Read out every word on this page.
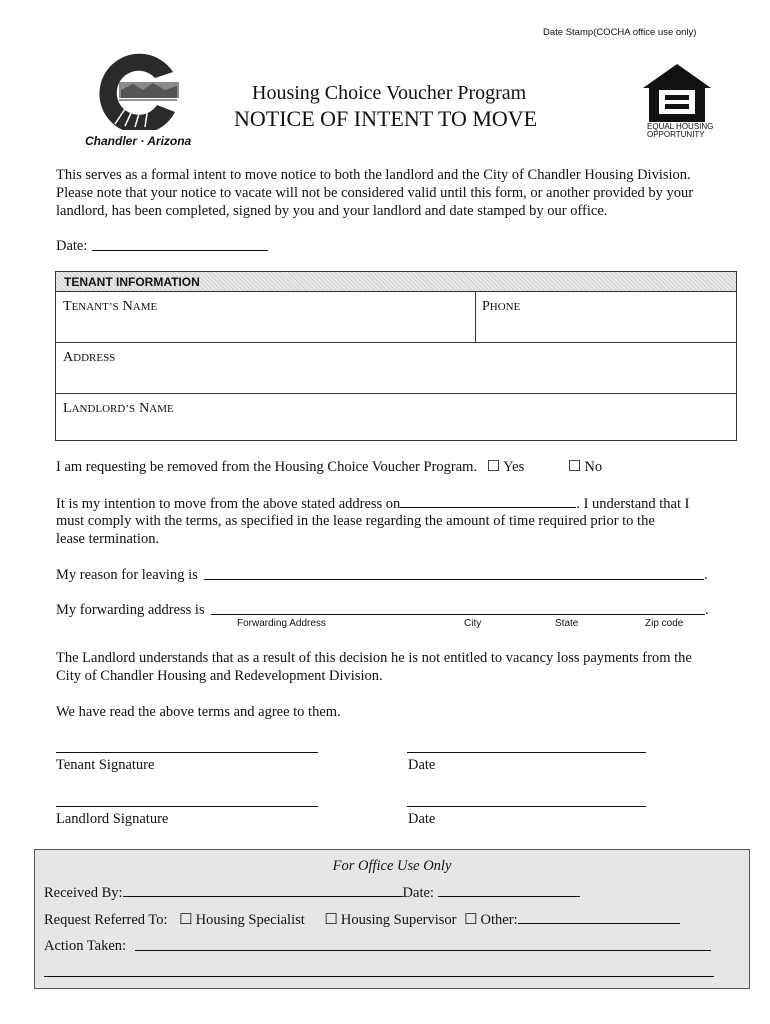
Date Stamp(COCHA office use only)
Chandler · Arizona
Housing Choice Voucher Program
NOTICE OF INTENT TO MOVE	EQUAL HOUSING
OPPORTUNITY
This serves as a formal intent to move notice to both the landlord and the City of Chandler Housing Division.
Please note that your notice to vacate will not be considered valid until this form, or another provided by your
landlord, has been completed, signed by you and your landlord and date stamped by our office.
Date:
TENANT INFORMATION
TENANT’S NAME	PHONE
ADDRESS
LANDLORD’S NAME
I am requesting be removed from the Housing Choice Voucher Program. ☐ Yes	☐ No
It is my intention to move from the above stated address on	. I understand that I
must comply with the terms, as specified in the lease regarding the amount of time required prior to the
lease termination.
My reason for leaving is	.
My forwarding address is	.
Forwarding Address	City	State	Zip code
The Landlord understands that as a result of this decision he is not entitled to vacancy loss payments from the
City of Chandler Housing and Redevelopment Division.
We have read the above terms and agree to them.
Tenant Signature	Date
Landlord Signature	Date
For Office Use Only
Received By:	Date:
Request Referred To: ☐ Housing Specialist ☐ Housing Supervisor ☐ Other:
Action Taken:
